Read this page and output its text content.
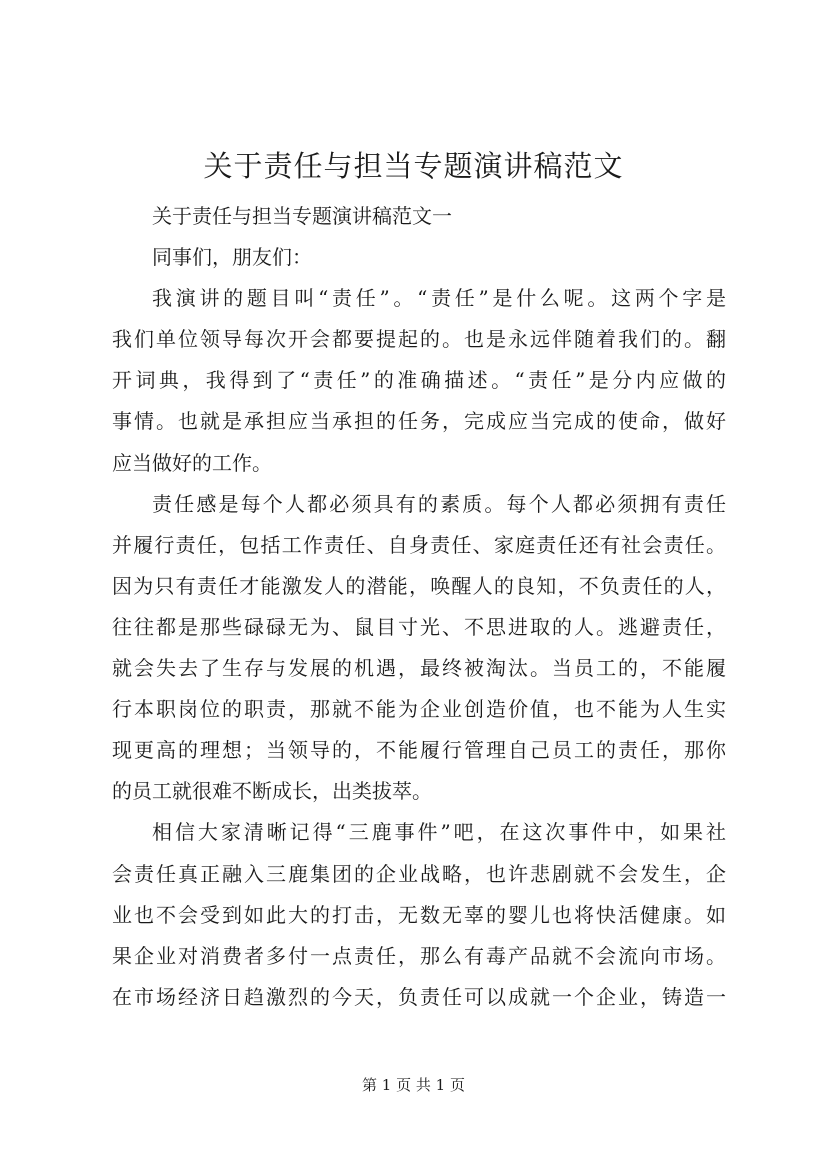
关于责任与担当专题演讲稿范文
关于责任与担当专题演讲稿范文一
同事们，朋友们：
我演讲的题目叫“责任”。“责任”是什么呢。这两个字是
我们单位领导每次开会都要提起的。也是永远伴随着我们的。翻
开词典，我得到了“责任”的准确描述。“责任”是分内应做的
事情。也就是承担应当承担的任务，完成应当完成的使命，做好
应当做好的工作。
责任感是每个人都必须具有的素质。每个人都必须拥有责任
并履行责任，包括工作责任、自身责任、家庭责任还有社会责任。
因为只有责任才能激发人的潜能，唤醒人的良知，不负责任的人，
往往都是那些碌碌无为、鼠目寸光、不思进取的人。逃避责任，
就会失去了生存与发展的机遇，最终被淘汰。当员工的，不能履
行本职岗位的职责，那就不能为企业创造价值，也不能为人生实
现更高的理想；当领导的，不能履行管理自己员工的责任，那你
的员工就很难不断成长，出类拔萃。
相信大家清晰记得“三鹿事件”吧，在这次事件中，如果社
会责任真正融入三鹿集团的企业战略，也许悲剧就不会发生，企
业也不会受到如此大的打击，无数无辜的婴儿也将快活健康。如
果企业对消费者多付一点责任，那么有毒产品就不会流向市场。
在市场经济日趋激烈的今天，负责任可以成就一个企业，铸造一
第 1 页 共 1 页
